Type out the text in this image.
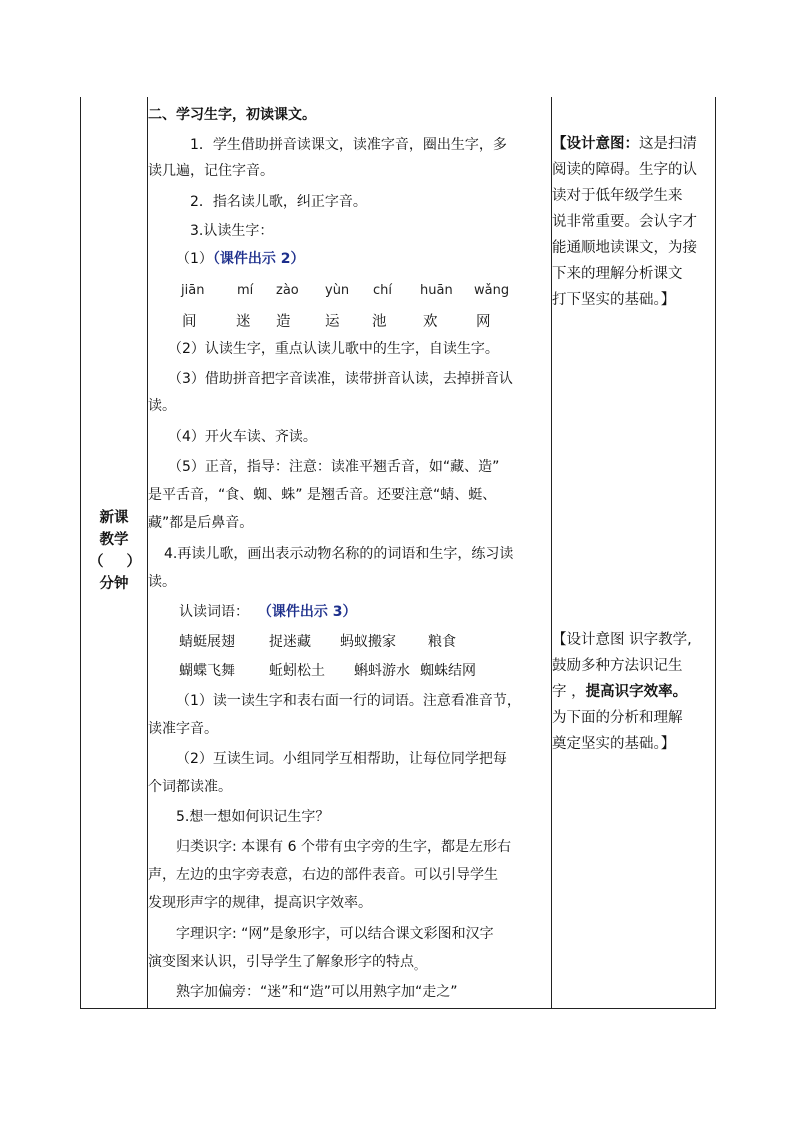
新课
教学
（ ）
分钟
二、学习生字，初读课文。
1．学生借助拼音读课文，读准字音，圈出生字，多
读几遍，记住字音。
2．指名读儿歌，纠正字音。
3.认读生字：
（1）（课件出示 2）
jiān	mí zào yùn chí huān wǎng
间	迷 造 运 池	欢	网
（2）认读生字，重点认读儿歌中的生字，自读生字。
（3）借助拼音把字音读准，读带拼音认读，去掉拼音认
读。
（4）开火车读、齐读。
（5）正音，指导：注意：读准平翘舌音，如“藏、造”
是平舌音，“食、蜘、蛛” 是翘舌音。还要注意“蜻、蜓、
藏”都是后鼻音。
4.再读儿歌，画出表示动物名称的的词语和生字，练习读
读。
认读词语： （课件出示 3）
蜻蜓展翅	捉迷藏	蚂蚁搬家	粮食
蝴蝶飞舞	蚯蚓松土	蝌蚪游水 蜘蛛结网
（1）读一读生字和表右面一行的词语。注意看准音节，
读准字音。
（2）互读生词。小组同学互相帮助，让每位同学把每
个词都读准。
5.想一想如何识记生字？
归类识字: 本课有 6 个带有虫字旁的生字，都是左形右
声，左边的虫字旁表意，右边的部件表音。可以引导学生
发现形声字的规律，提高识字效率。
字理识字: “网”是象形字，可以结合课文彩图和汉字
演变图来认识，引导学生了解象形字的特点$_。$
熟字加偏旁：“迷”和“造”可以用熟字加“走之”
【设计意图：这是扫清
阅读的障碍。生字的认
读对于低年级学生来
说非常重要。会认字才
能通顺地读课文，为接
下来的理解分析课文
打下坚实的基础。】
【设计意图 识字教学,
鼓励多种方法识记生
字 ，提高识字效率。
为下面的分析和理解
奠定坚实的基础。】
